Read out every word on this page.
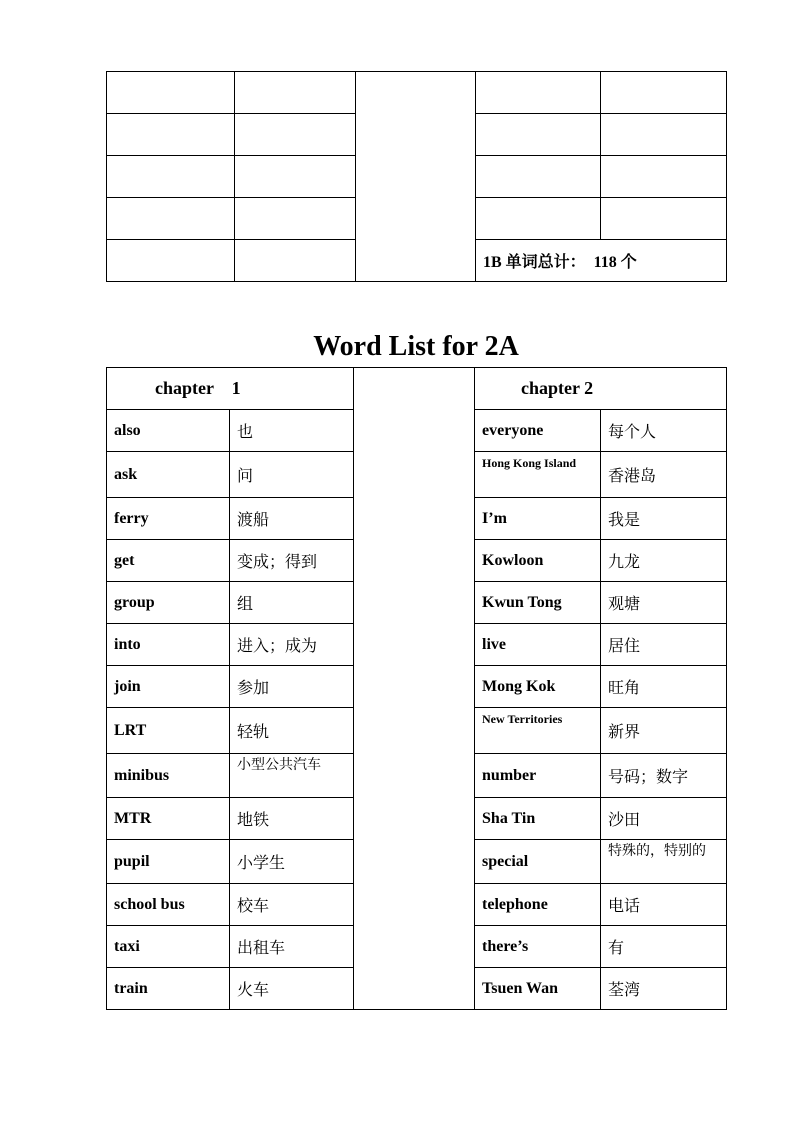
			1B 单词总计：  118 个	
Word List for 2A
chapter    1			chapter 2	
also	也		everyone	每个人
ask	问		Hong Kong Island	香港岛
ferry	渡船		I’m	我是
get	变成；得到		Kowloon	九龙
group	组		Kwun Tong	观塘
into	进入；成为		live	居住
join	参加		Mong Kok	旺角
LRT	轻轨		New Territories	新界
minibus	小型公共汽车		number	号码；数字
MTR	地铁		Sha Tin	沙田
pupil	小学生		special	特殊的，特别的
school bus	校车		telephone	电话
taxi	出租车		there’s	有
train	火车		Tsuen Wan	荃湾
